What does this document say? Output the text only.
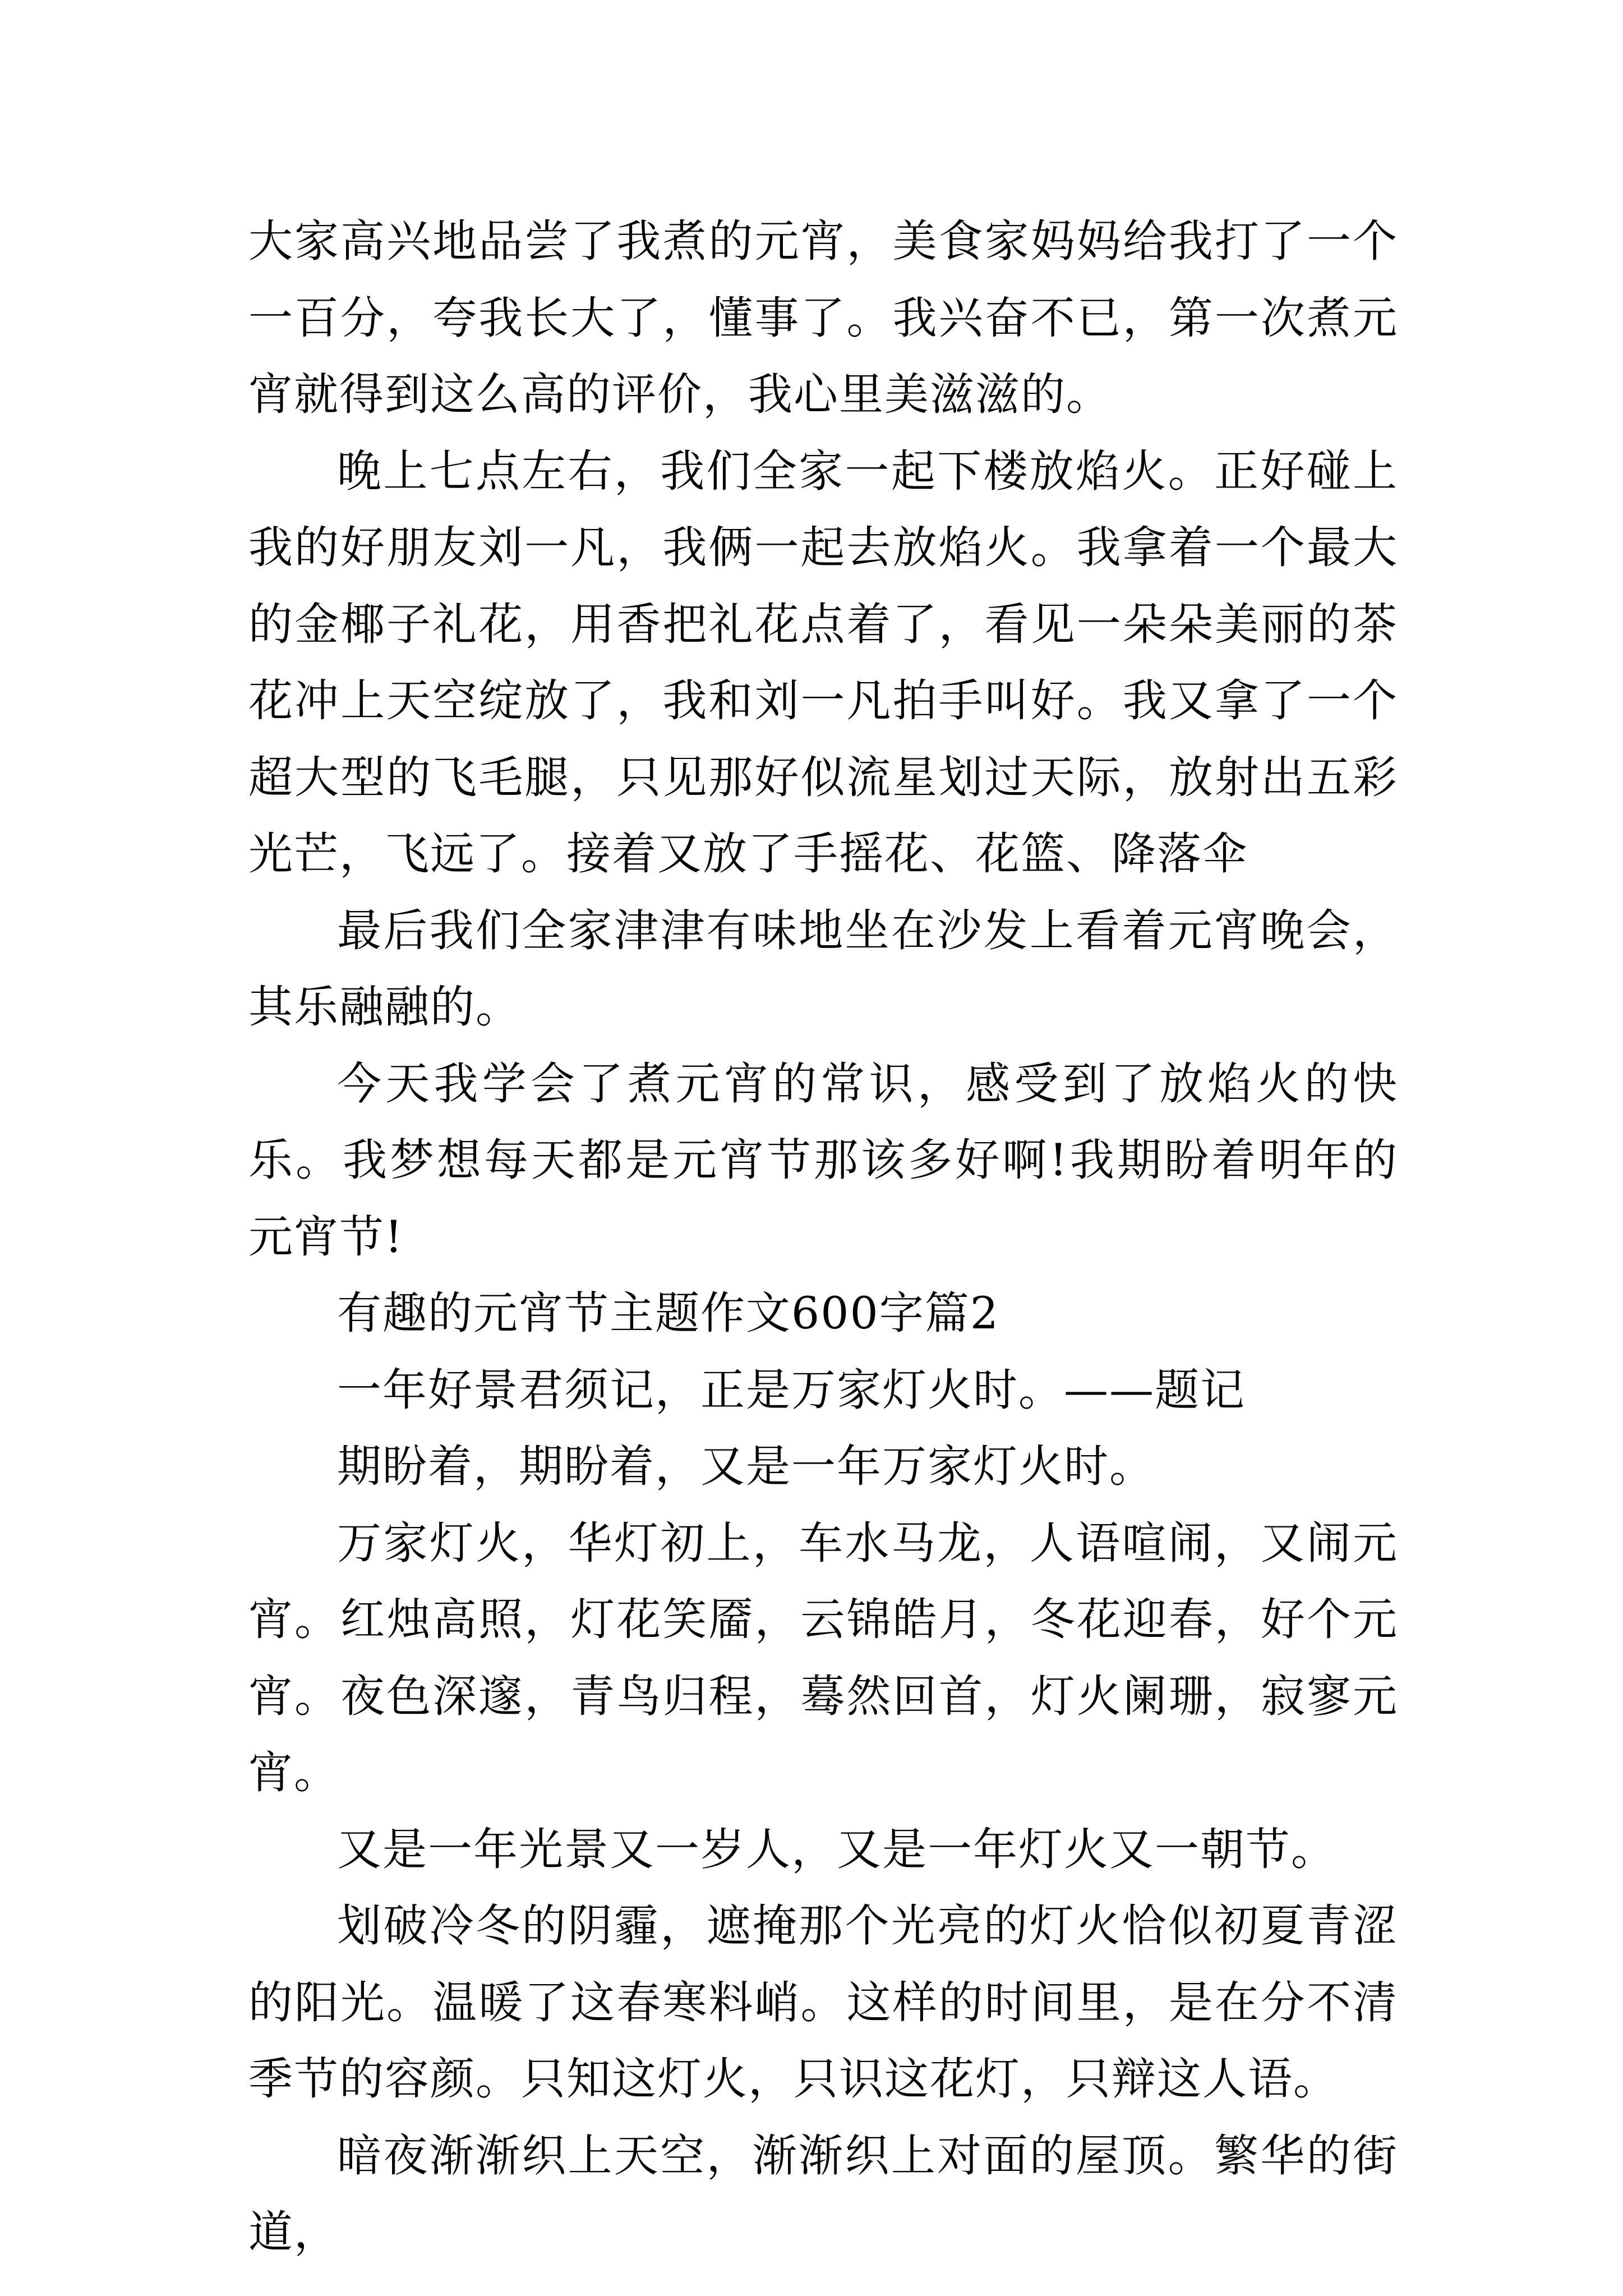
大家高兴地品尝了我煮的元宵，美食家妈妈给我打了一个一百分，夸我长大了，懂事了。我兴奋不已，第一次煮元宵就得到这么高的评价，我心里美滋滋的。

晚上七点左右，我们全家一起下楼放焰火。正好碰上我的好朋友刘一凡，我俩一起去放焰火。我拿着一个最大的金椰子礼花，用香把礼花点着了，看见一朵朵美丽的茶花冲上天空绽放了，我和刘一凡拍手叫好。我又拿了一个超大型的飞毛腿，只见那好似流星划过天际，放射出五彩光芒，飞远了。接着又放了手摇花、花篮、降落伞

最后我们全家津津有味地坐在沙发上看着元宵晚会，其乐融融的。

今天我学会了煮元宵的常识，感受到了放焰火的快乐。我梦想每天都是元宵节那该多好啊!我期盼着明年的元宵节!

有趣的元宵节主题作文600字篇2

一年好景君须记，正是万家灯火时。——题记

期盼着，期盼着，又是一年万家灯火时。

万家灯火，华灯初上，车水马龙，人语喧闹，又闹元宵。红烛高照，灯花笑靥，云锦皓月，冬花迎春，好个元宵。夜色深邃，青鸟归程，蓦然回首，灯火阑珊，寂寥元宵。

又是一年光景又一岁人，又是一年灯火又一朝节。

划破冷冬的阴霾，遮掩那个光亮的灯火恰似初夏青涩的阳光。温暖了这春寒料峭。这样的时间里，是在分不清季节的容颜。只知这灯火，只识这花灯，只辩这人语。

暗夜渐渐织上天空，渐渐织上对面的屋顶。繁华的街道，
